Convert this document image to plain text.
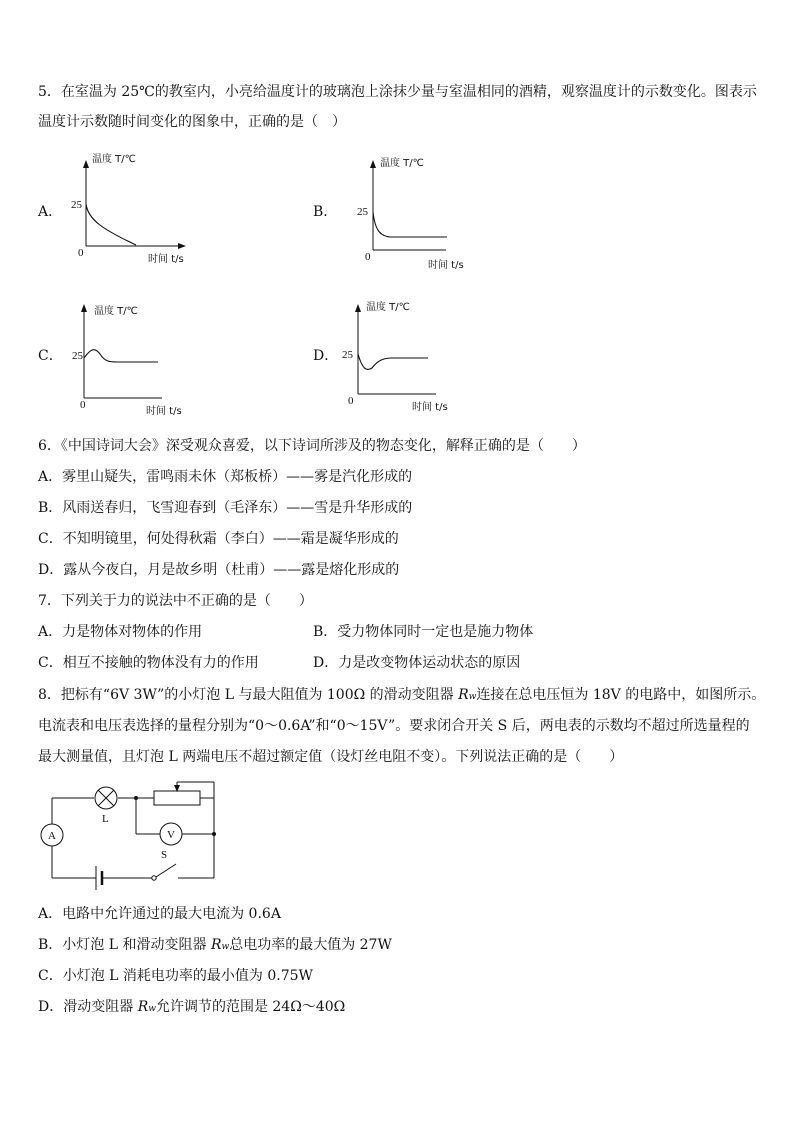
5．在室温为 25℃的教室内，小亮给温度计的玻璃泡上涂抹少量与室温相同的酒精，观察温度计的示数变化。图表示
温度计示数随时间变化的图象中，正确的是（　）
A．
温度 T/℃
25
0
时间 t/s
B．
温度 T/℃
25
0
时间 t/s
C．
温度 T/℃
25
0
时间 t/s
D．
温度 T/℃
25
0
时间 t/s
6．《中国诗词大会》深受观众喜爱，以下诗词所涉及的物态变化，解释正确的是（　　）
A．雾里山疑失，雷鸣雨未休（郑板桥）——雾是汽化形成的
B．风雨送春归，飞雪迎春到（毛泽东）——雪是升华形成的
C．不知明镜里，何处得秋霜（李白）——霜是凝华形成的
D．露从今夜白，月是故乡明（杜甫）——露是熔化形成的
7．下列关于力的说法中不正确的是（　　）
A．力是物体对物体的作用	B．受力物体同时一定也是施力物体
C．相互不接触的物体没有力的作用	D．力是改变物体运动状态的原因
8．把标有“6V 3W”的小灯泡 L 与最大阻值为 100Ω 的滑动变阻器 Rw连接在总电压恒为 18V 的电路中，如图所示。
电流表和电压表选择的量程分别为“0～0.6A”和“0～15V”。要求闭合开关 S 后，两电表的示数均不超过所选量程的
最大测量值，且灯泡 L 两端电压不超过额定值（设灯丝电阻不变）。下列说法正确的是（　　）
L
V
A
S
A．电路中允许通过的最大电流为 0.6A
B．小灯泡 L 和滑动变阻器 Rw总电功率的最大值为 27W
C．小灯泡 L 消耗电功率的最小值为 0.75W
D．滑动变阻器 Rw允许调节的范围是 24Ω～40Ω
